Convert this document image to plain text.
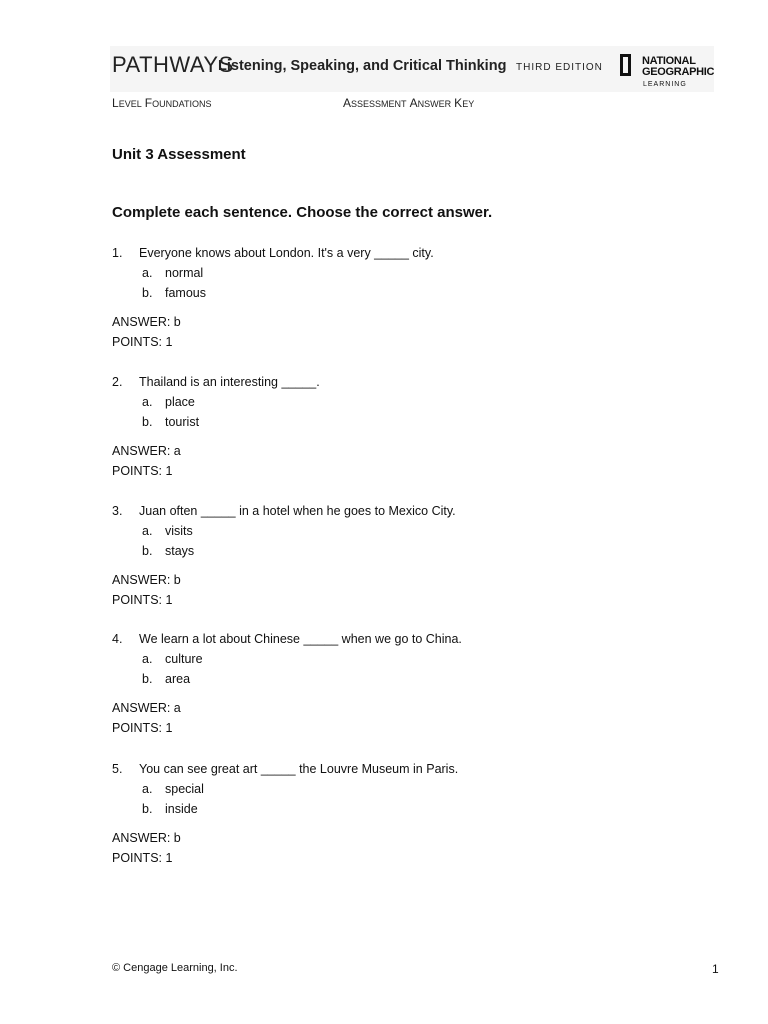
PATHWAYS
Listening, Speaking, and Critical Thinking THIRD EDITION
NATIONAL
GEOGRAPHIC
LEARNING
LEVEL FOUNDATIONS	ASSESSMENT ANSWER KEY
Unit 3 Assessment
Complete each sentence. Choose the correct answer.
1. Everyone knows about London. It's a very _____ city.
a. normal
b. famous
ANSWER: b
POINTS: 1
2. Thailand is an interesting _____.
a. place
b. tourist
ANSWER: a
POINTS: 1
3. Juan often _____ in a hotel when he goes to Mexico City.
a. visits
b. stays
ANSWER: b
POINTS: 1
4. We learn a lot about Chinese _____ when we go to China.
a. culture
b. area
ANSWER: a
POINTS: 1
5. You can see great art _____ the Louvre Museum in Paris.
a. special
b. inside
ANSWER: b
POINTS: 1
© Cengage Learning, Inc.	1
